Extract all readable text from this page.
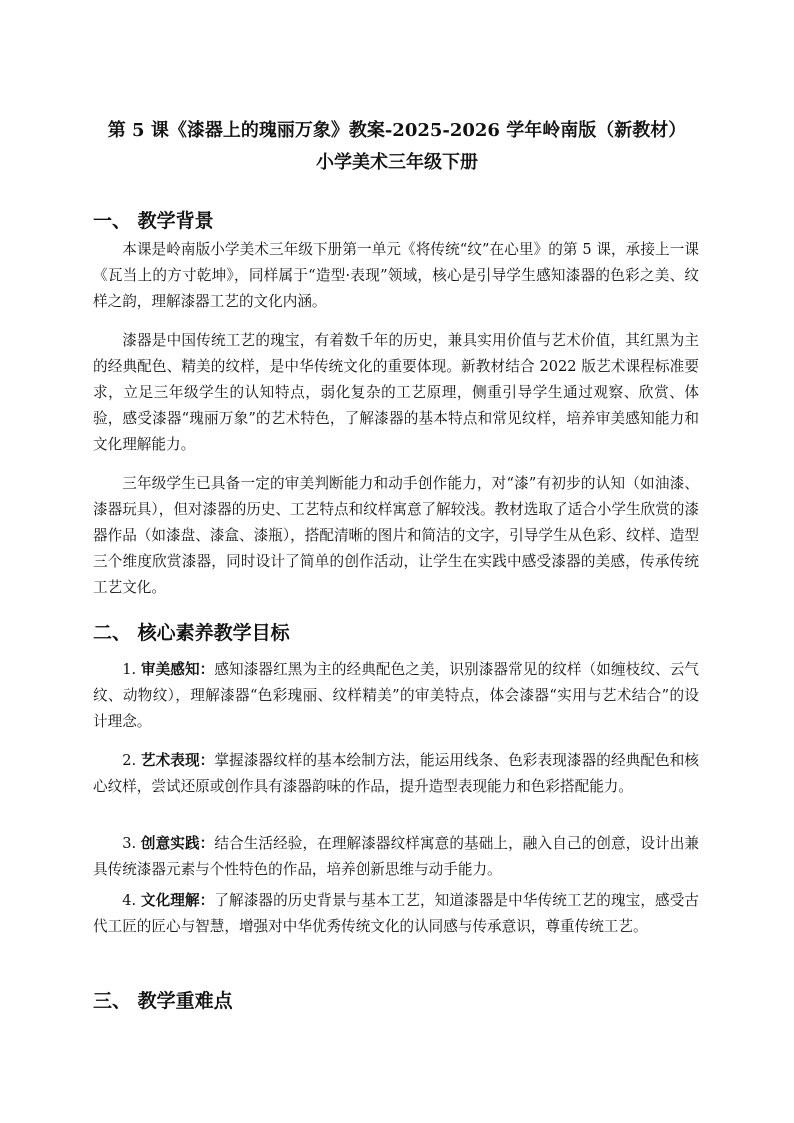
第 5 课《漆器上的瑰丽万象》教案-2025-2026 学年岭南版（新教材）
小学美术三年级下册
一、 教学背景

本课是岭南版小学美术三年级下册第一单元《将传统“纹”在心里》的第 5 课，承接上一课《瓦当上的方寸乾坤》，同样属于“造型·表现”领域，核心是引导学生感知漆器的色彩之美、纹样之韵，理解漆器工艺的文化内涵。

漆器是中国传统工艺的瑰宝，有着数千年的历史，兼具实用价值与艺术价值，其红黑为主的经典配色、精美的纹样，是中华传统文化的重要体现。新教材结合 2022 版艺术课程标准要求，立足三年级学生的认知特点，弱化复杂的工艺原理，侧重引导学生通过观察、欣赏、体验，感受漆器“瑰丽万象”的艺术特色，了解漆器的基本特点和常见纹样，培养审美感知能力和文化理解能力。

三年级学生已具备一定的审美判断能力和动手创作能力，对“漆”有初步的认知（如油漆、漆器玩具），但对漆器的历史、工艺特点和纹样寓意了解较浅。教材选取了适合小学生欣赏的漆器作品（如漆盘、漆盒、漆瓶），搭配清晰的图片和简洁的文字，引导学生从色彩、纹样、造型三个维度欣赏漆器，同时设计了简单的创作活动，让学生在实践中感受漆器的美感，传承传统工艺文化。

二、 核心素养教学目标

1. 审美感知：感知漆器红黑为主的经典配色之美，识别漆器常见的纹样（如缠枝纹、云气纹、动物纹），理解漆器“色彩瑰丽、纹样精美”的审美特点，体会漆器“实用与艺术结合”的设计理念。

2. 艺术表现：掌握漆器纹样的基本绘制方法，能运用线条、色彩表现漆器的经典配色和核心纹样，尝试还原或创作具有漆器韵味的作品，提升造型表现能力和色彩搭配能力。

3. 创意实践：结合生活经验，在理解漆器纹样寓意的基础上，融入自己的创意，设计出兼具传统漆器元素与个性特色的作品，培养创新思维与动手能力。

4. 文化理解：了解漆器的历史背景与基本工艺，知道漆器是中华传统工艺的瑰宝，感受古代工匠的匠心与智慧，增强对中华优秀传统文化的认同感与传承意识，尊重传统工艺。

三、 教学重难点
